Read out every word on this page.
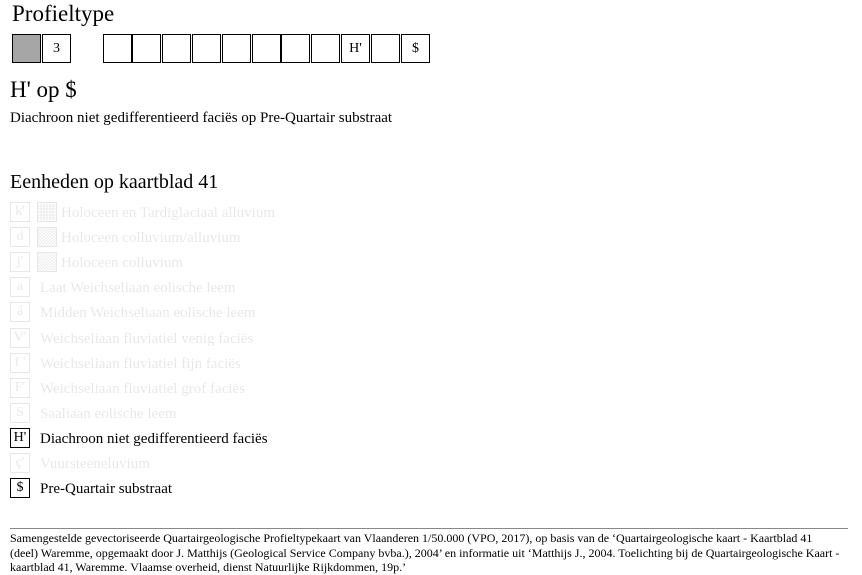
Profieltype
3	H'	$
H' op $
Diachroon niet gedifferentieerd faciës op Pre-Quartair substraat
Eenheden op kaartblad 41
k'	Holoceen en Tardiglaciaal alluvium
d	Holoceen colluvium/alluvium
j'	Holoceen colluvium
a	Laat Weichseliaan eolische leem
á	Midden Weichseliaan eolische leem
V' Weichseliaan fluviatiel venig faciës
f ' Weichseliaan fluviatiel fijn faciës
F' Weichseliaan fluviatiel grof faciës
S	Saaliaan eolische leem
H' Diachroon niet gedifferentieerd faciës
ç'	Vuursteeneluvium
$	Pre-Quartair substraat
Samengestelde gevectoriseerde Quartairgeologische Profieltypekaart van Vlaanderen 1/50.000 (VPO, 2017), op basis van de ‘Quartairgeologische kaart - Kaartblad 41 (deel) Waremme, opgemaakt door J. Matthijs (Geological Service Company bvba.), 2004’ en informatie uit ‘Matthijs J., 2004. Toelichting bij de Quartairgeologische Kaart - kaartblad 41, Waremme. Vlaamse overheid, dienst Natuurlijke Rijkdommen, 19p.’
